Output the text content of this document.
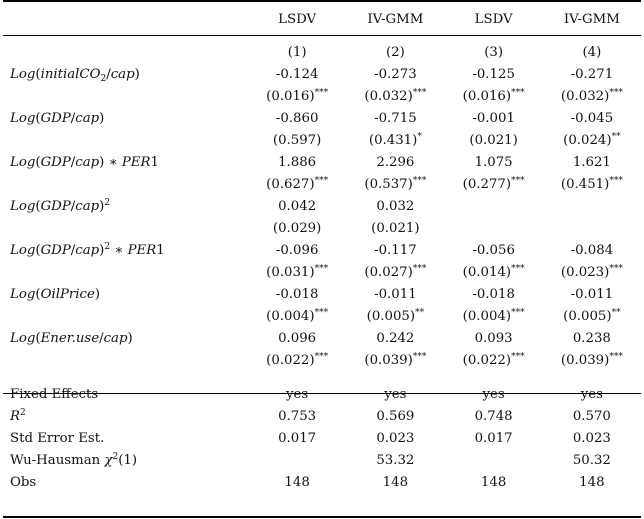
	LSDV	IV-GMM	LSDV	IV-GMM

	(1)	(2)	(3)	(4)
Log(initialCO$_2$/cap)	-0.124	-0.273	-0.125	-0.271
	(0.016)***	(0.032)***	(0.016)***	(0.032)***
Log(GDP/cap)	-0.860	-0.715	-0.001	-0.045
	(0.597)	(0.431)*	(0.021)	(0.024)**
Log(GDP/cap) ∗ PER1	1.886	2.296	1.075	1.621
	(0.627)***	(0.537)***	(0.277)***	(0.451)***
$Log(GDP/cap)^2$	0.042	0.032		
	(0.029)	(0.021)		
$Log(GDP/cap)^2$ ∗ PER1	-0.096	-0.117	-0.056	-0.084
	(0.031)***	(0.027)***	(0.014)***	(0.023)***
Log(OilPrice)	-0.018	-0.011	-0.018	-0.011
	(0.004)***	(0.005)**	(0.004)***	(0.005)**
Log(Ener.use/cap)	0.096	0.242	0.093	0.238
	(0.022)***	(0.039)***	(0.022)***	(0.039)***

Fixed Effects	yes	yes	yes	yes
$R^2$	0.753	0.569	0.748	0.570
Std Error Est.	0.017	0.023	0.017	0.023
Wu-Hausman $\chi^2(1)$		53.32		50.32
Obs	148	148	148	148
